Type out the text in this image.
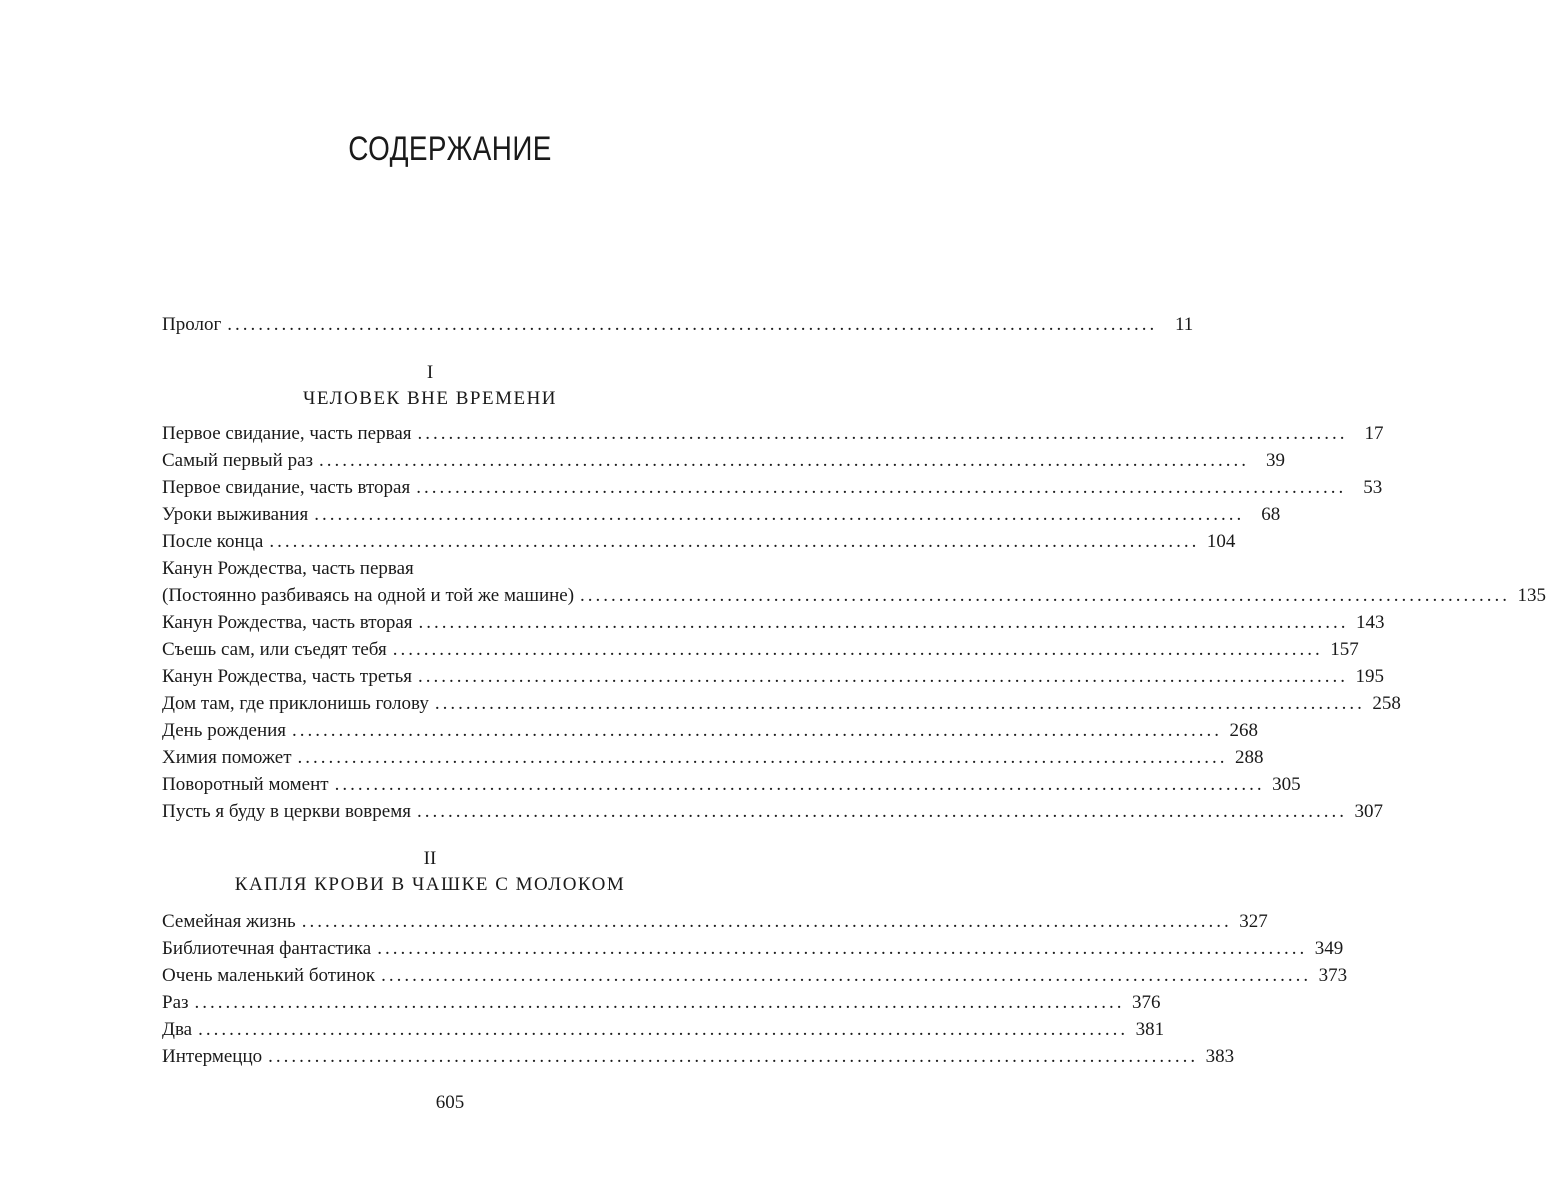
СОДЕРЖАНИЕ
Пролог ........................................................................................................................ 11
I
ЧЕЛОВЕК ВНЕ ВРЕМЕНИ
Первое свидание, часть первая ........................................................................................................................ 17
Самый первый раз ........................................................................................................................ 39
Первое свидание, часть вторая ........................................................................................................................ 53
Уроки выживания ........................................................................................................................ 68
После конца ........................................................................................................................ 104
Канун Рождества, часть первая
(Постоянно разбиваясь на одной и той же машине) ........................................................................................................................ 135
Канун Рождества, часть вторая ........................................................................................................................ 143
Съешь сам, или съедят тебя ........................................................................................................................ 157
Канун Рождества, часть третья ........................................................................................................................ 195
Дом там, где приклонишь голову ........................................................................................................................ 258
День рождения ........................................................................................................................ 268
Химия поможет ........................................................................................................................ 288
Поворотный момент ........................................................................................................................ 305
Пусть я буду в церкви вовремя ........................................................................................................................ 307
II
КАПЛЯ КРОВИ В ЧАШКЕ С МОЛОКОМ
Семейная жизнь ........................................................................................................................ 327
Библиотечная фантастика ........................................................................................................................ 349
Очень маленький ботинок ........................................................................................................................ 373
Раз ........................................................................................................................ 376
Два ........................................................................................................................ 381
Интермеццо ........................................................................................................................ 383
605
